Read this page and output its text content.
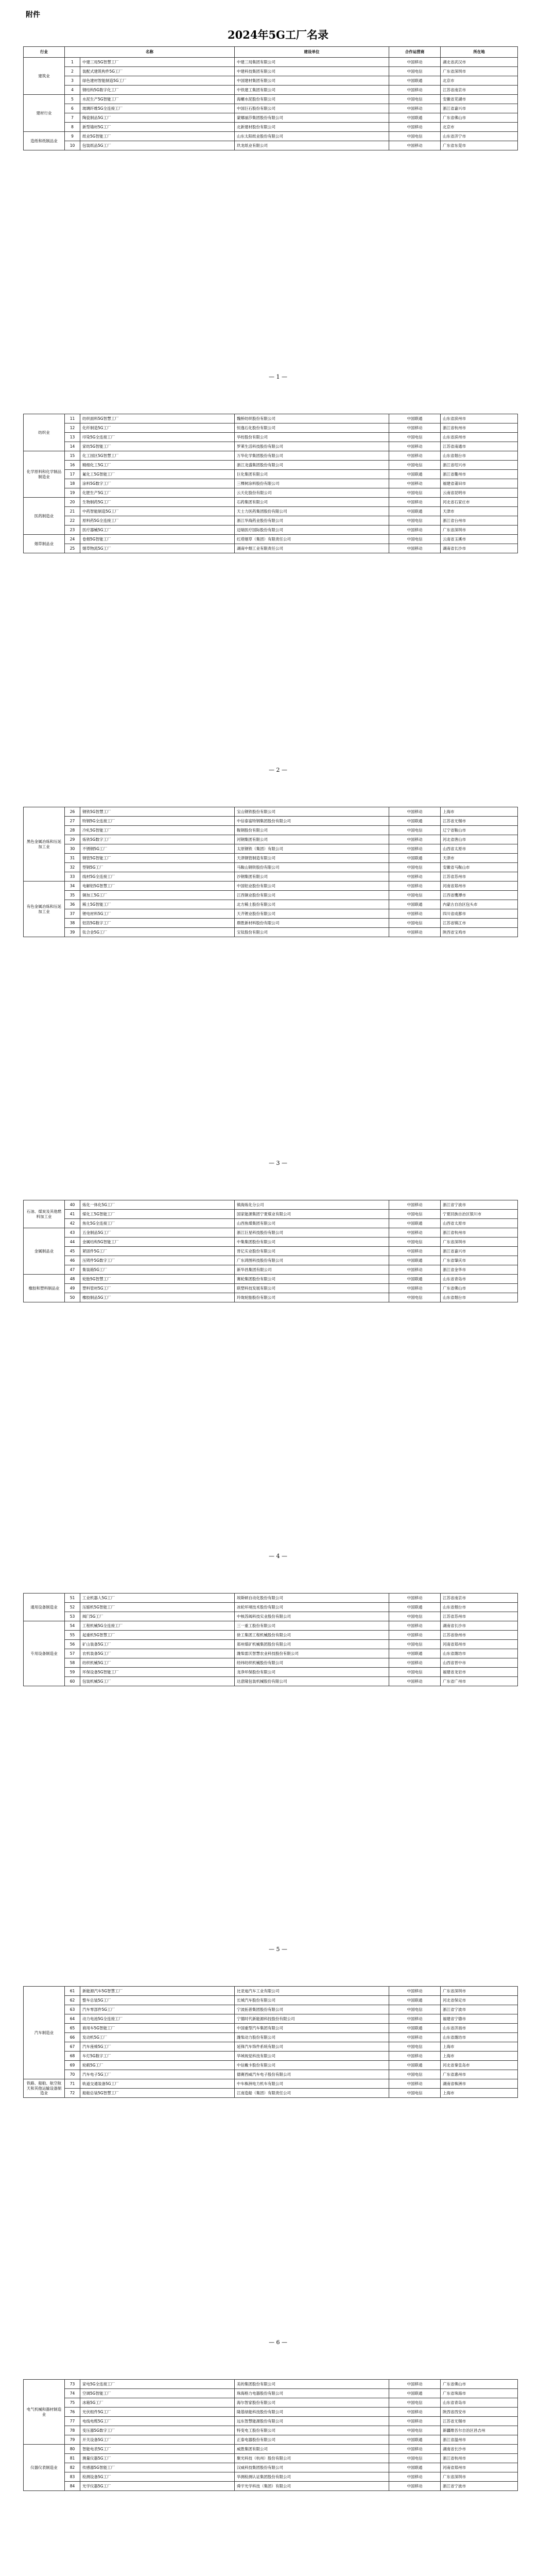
附件
2024年5G工厂名录
行业	名称		建设单位	合作运营商	所在地
建筑业	1	中建三局5G智慧工厂	中建三局集团有限公司	中国移动	湖北省武汉市
	2	装配式建筑构件5G工厂	中建科技集团有限公司	中国电信	广东省深圳市
	3	绿色建材智能制造5G工厂	中国建材集团有限公司	中国联通	北京市
	4	钢结构5G数字化工厂	中铁建工集团有限公司	中国移动	江苏省南京市
建材行业	5	水泥生产5G智能工厂	海螺水泥股份有限公司	中国电信	安徽省芜湖市
	6	玻璃纤维5G全连接工厂	中国巨石股份有限公司	中国移动	浙江省嘉兴市
	7	陶瓷制品5G工厂	蒙娜丽莎集团股份有限公司	中国联通	广东省佛山市
	8	新型墙材5G工厂	北新建材股份有限公司	中国移动	北京市
造纸和纸制品业	9	纸业5G智能工厂	山东太阳纸业股份有限公司	中国电信	山东省济宁市
	10	包装纸品5G工厂	玖龙纸业有限公司	中国移动	广东省东莞市
— 1 —
纺织业	11	纺织面料5G智慧工厂	魏桥纺织股份有限公司	中国联通	山东省滨州市
	12	化纤制造5G工厂	恒逸石化股份有限公司	中国移动	浙江省杭州市
	13	印染5G全连接工厂	华纺股份有限公司	中国电信	山东省滨州市
	14	家纺5G智能工厂	罗莱生活科技股份有限公司	中国移动	江苏省南通市
化学原料和化学制品制造业	15	化工园区5G智慧工厂	万华化学集团股份有限公司	中国移动	山东省烟台市
	16	精细化工5G工厂	浙江龙盛集团股份有限公司	中国电信	浙江省绍兴市
	17	氟化工5G智能工厂	巨化集团有限公司	中国联通	浙江省衢州市
	18	涂料5G数字工厂	三棵树涂料股份有限公司	中国移动	福建省莆田市
	19	化肥生产5G工厂	云天化股份有限公司	中国电信	云南省昆明市
医药制造业	20	生物制药5G工厂	石药集团有限公司	中国移动	河北省石家庄市
	21	中药智能制造5G工厂	天士力医药集团股份有限公司	中国联通	天津市
	22	原料药5G全连接工厂	浙江华海药业股份有限公司	中国电信	浙江省台州市
	23	医疗器械5G工厂	迈瑞医疗国际股份有限公司	中国移动	广东省深圳市
烟草制品业	24	卷烟5G智能工厂	红塔烟草（集团）有限责任公司	中国电信	云南省玉溪市
	25	烟草物流5G工厂	湖南中烟工业有限责任公司	中国移动	湖南省长沙市
— 2 —
黑色金属冶炼和压延加工业	26	钢铁5G智慧工厂	宝山钢铁股份有限公司	中国移动	上海市
	27	特钢5G全连接工厂	中信泰富特钢集团股份有限公司	中国联通	江苏省无锡市
	28	冷轧5G智能工厂	鞍钢股份有限公司	中国电信	辽宁省鞍山市
	29	炼铁5G数字工厂	河钢集团有限公司	中国移动	河北省唐山市
	30	不锈钢5G工厂	太原钢铁（集团）有限公司	中国移动	山西省太原市
	31	钢管5G智能工厂	天津钢管制造有限公司	中国联通	天津市
	32	型钢5G工厂	马鞍山钢铁股份有限公司	中国电信	安徽省马鞍山市
	33	线材5G全连接工厂	沙钢集团有限公司	中国移动	江苏省苏州市
有色金属冶炼和压延加工业	34	电解铝5G智慧工厂	中国铝业股份有限公司	中国移动	河南省郑州市
	35	铜加工5G工厂	江西铜业股份有限公司	中国电信	江西省鹰潭市
	36	稀土5G智能工厂	北方稀土股份有限公司	中国联通	内蒙古自治区包头市
	37	锂电材料5G工厂	天齐锂业股份有限公司	中国移动	四川省成都市
	38	铝箔5G数字工厂	鼎胜新材料股份有限公司	中国电信	江苏省镇江市
	39	钛合金5G工厂	宝钛股份有限公司	中国移动	陕西省宝鸡市
— 3 —
石油、煤炭及其他燃料加工业	40	炼化一体化5G工厂	镇海炼化分公司	中国移动	浙江省宁波市
	41	煤化工5G智能工厂	国家能源集团宁夏煤业有限公司	中国电信	宁夏回族自治区银川市
	42	焦化5G全连接工厂	山西焦煤集团有限公司	中国联通	山西省太原市
金属制品业	43	五金制品5G工厂	浙江巨星科技股份有限公司	中国移动	浙江省杭州市
	44	金属结构5G智能工厂	中集集团股份有限公司	中国电信	广东省深圳市
	45	紧固件5G工厂	晋亿实业股份有限公司	中国移动	浙江省嘉兴市
	46	压铸件5G数字工厂	广东鸿图科技股份有限公司	中国联通	广东省肇庆市
	47	集装箱5G工厂	新华昌集团有限公司	中国移动	浙江省金华市
橡胶和塑料制品业	48	轮胎5G智慧工厂	赛轮集团股份有限公司	中国联通	山东省青岛市
	49	塑料管材5G工厂	联塑科技发展有限公司	中国移动	广东省佛山市
	50	橡胶制品5G工厂	玲珑轮胎股份有限公司	中国电信	山东省烟台市
— 4 —
通用设备制造业	51	工业机器人5G工厂	埃斯顿自动化股份有限公司	中国移动	江苏省南京市
	52	压缩机5G智能工厂	冰轮环境技术股份有限公司	中国联通	山东省烟台市
	53	阀门5G工厂	中核苏阀科技实业股份有限公司	中国电信	江苏省苏州市
专用设备制造业	54	工程机械5G全连接工厂	三一重工股份有限公司	中国移动	湖南省长沙市
	55	起重机5G智慧工厂	徐工集团工程机械股份有限公司	中国移动	江苏省徐州市
	56	矿山装备5G工厂	郑州煤矿机械集团股份有限公司	中国电信	河南省郑州市
	57	农机装备5G工厂	潍柴雷沃智慧农业科技股份有限公司	中国联通	山东省潍坊市
	58	纺织机械5G工厂	经纬纺织机械股份有限公司	中国移动	山西省晋中市
	59	环保设备5G智能工厂	龙净环保股份有限公司	中国电信	福建省龙岩市
	60	包装机械5G工厂	达意隆包装机械股份有限公司	中国移动	广东省广州市
— 5 —
汽车制造业	61	新能源汽车5G智慧工厂	比亚迪汽车工业有限公司	中国移动	广东省深圳市
	62	整车总装5G工厂	长城汽车股份有限公司	中国联通	河北省保定市
	63	汽车零部件5G工厂	宁波拓普集团股份有限公司	中国电信	浙江省宁波市
	64	动力电池5G全连接工厂	宁德时代新能源科技股份有限公司	中国移动	福建省宁德市
	65	商用车5G智能工厂	中国重型汽车集团有限公司	中国联通	山东省济南市
	66	发动机5G工厂	潍柴动力股份有限公司	中国移动	山东省潍坊市
	67	汽车座椅5G工厂	延锋汽车饰件系统有限公司	中国电信	上海市
	68	车灯5G数字工厂	华域视觉科技有限公司	中国移动	上海市
	69	轮毂5G工厂	中信戴卡股份有限公司	中国联通	河北省秦皇岛市
	70	汽车电子5G工厂	德赛西威汽车电子股份有限公司	中国电信	广东省惠州市
铁路、船舶、航空航天和其他运输设备制造业	71	轨道交通装备5G工厂	中车株洲电力机车有限公司	中国移动	湖南省株洲市
	72	船舶总装5G智慧工厂	江南造船（集团）有限责任公司	中国电信	上海市
— 6 —
电气机械和器材制造业	73	家电5G全连接工厂	美的集团股份有限公司	中国移动	广东省佛山市
	74	空调5G智能工厂	珠海格力电器股份有限公司	中国联通	广东省珠海市
	75	冰箱5G工厂	海尔智家股份有限公司	中国电信	山东省青岛市
	76	光伏组件5G工厂	隆基绿能科技股份有限公司	中国移动	陕西省西安市
	77	电线电缆5G工厂	远东智慧能源股份有限公司	中国移动	江苏省无锡市
	78	变压器5G数字工厂	特变电工股份有限公司	中国电信	新疆维吾尔自治区昌吉州
	79	开关设备5G工厂	正泰电器股份有限公司	中国联通	浙江省温州市
仪器仪表制造业	80	智能电表5G工厂	威胜集团有限公司	中国移动	湖南省长沙市
	81	测量仪器5G工厂	聚光科技（杭州）股份有限公司	中国电信	浙江省杭州市
	82	传感器5G智能工厂	汉威科技集团股份有限公司	中国联通	河南省郑州市
	83	检测设备5G工厂	华测检测认证集团股份有限公司	中国移动	广东省深圳市
	84	光学仪器5G工厂	舜宇光学科技（集团）有限公司	中国移动	浙江省宁波市
